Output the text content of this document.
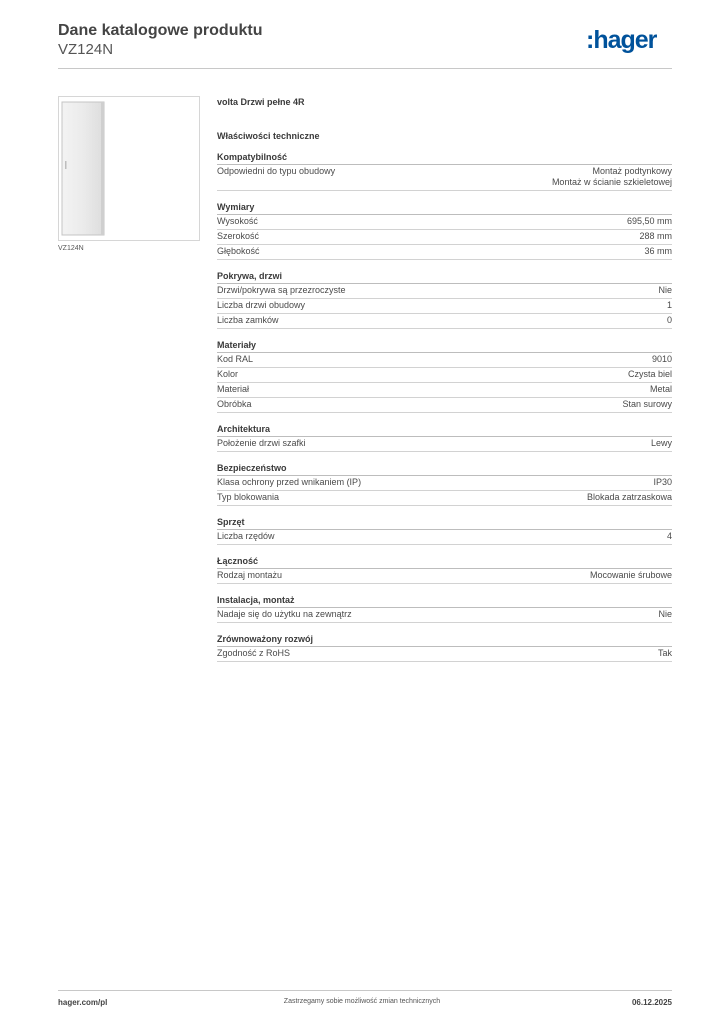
Dane katalogowe produktu
VZ124N	:hager
VZ124N
volta Drzwi pełne 4R
Właściwości techniczne
Kompatybilność
Odpowiedni do typu obudowy	Montaż podtynkowy
Montaż w ścianie szkieletowej
Wymiary
Wysokość	695,50 mm
Szerokość	288 mm
Głębokość	36 mm
Pokrywa, drzwi
Drzwi/pokrywa są przezroczyste	Nie
Liczba drzwi obudowy	1
Liczba zamków	0
Materiały
Kod RAL	9010
Kolor	Czysta biel
Materiał	Metal
Obróbka	Stan surowy
Architektura
Położenie drzwi szafki	Lewy
Bezpieczeństwo
Klasa ochrony przed wnikaniem (IP)	IP30
Typ blokowania	Blokada zatrzaskowa
Sprzęt
Liczba rzędów	4
Łączność
Rodzaj montażu	Mocowanie śrubowe
Instalacja, montaż
Nadaje się do użytku na zewnątrz	Nie
Zrównoważony rozwój
Zgodność z RoHS	Tak
hager.com/pl	Zastrzegamy sobie możliwość zmian technicznych	06.12.2025
